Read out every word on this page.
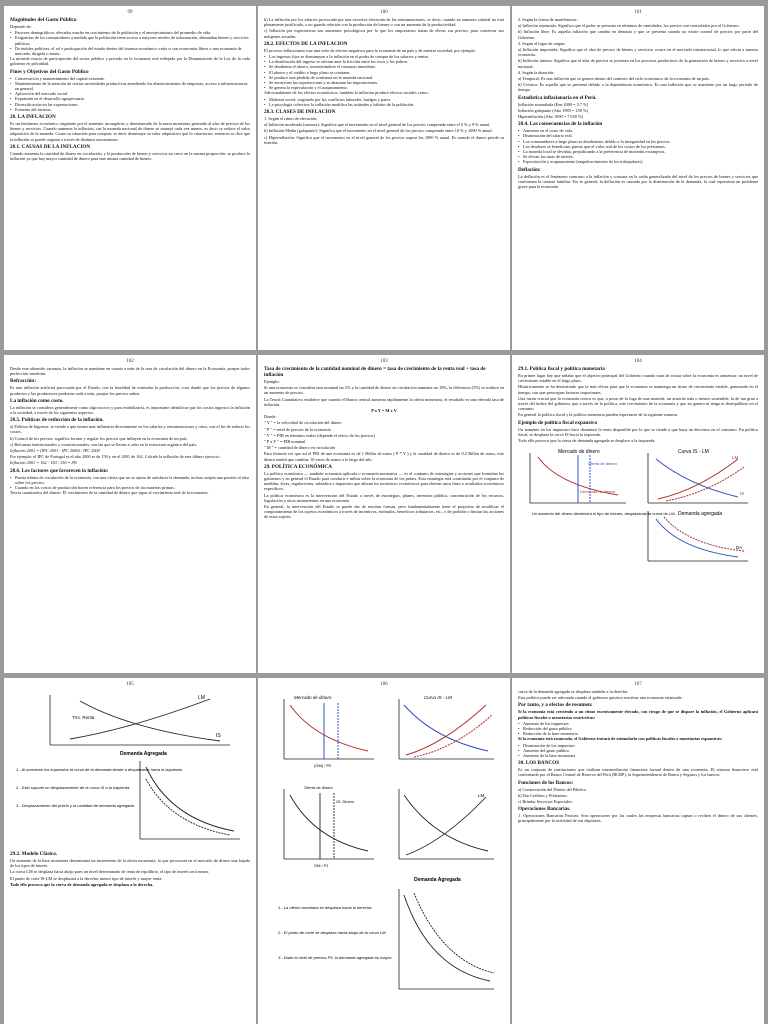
99
Magnitudes del Gasto Público
Depende de:
• Factores demográficos: elevados mucho en crecimiento de la población y el envejecimiento del promedio de vida.
• Exigencias de los consumidores a medida que la población tiene acceso a mayores niveles de información, demandan bienes y servicios públicos.
• De índoles políticas: el rol e participación del estado dentro del sistema económico varía si son economías libres o una economía de mercado, dirigida o mixta.
La moneda exacta de participación del sector público y privado en la economía está reflejada por la Dinamización de la Ley de la cada gobierno en pelculdad.
Fines y Objetivos del Gasto Público
• Conservación y mantenimiento del capital existente.
• Mantenimiento de la atención de ciertas necesidades productivas atendiendo los abastecimientos de empresas, acceso a infraestructuras en general.
• Aplicación del mercado social.
• Expansión en el desarrollo agropecuario.
• Diversificación en las exportaciones.
• Fomento del turismo.
28. LA INFLACION
Es un fenómeno económico originado por el aumento incongénito y desmesurado de la masa monetaria generada al alza de precios de los bienes y servicios. Cuando aumenta la inflación, cae la moneda nacional de dinero se manejó cada vez menos, es decir se reduce el valor adquisitivo de la moneda. Como su situación para comprar, es decir disminuye su valor adquisitivo que lo caracteriza, entonces se dice que la inflación se puede originar a través de distintos mecanismos.
28.1. CAUSAS DE LA INFLACION
Cuando aumenta la cantidad de dinero en circulación, y la producción de bienes y servicios no crece en la misma proporción: se produce la inflación ya que hay mayor cantidad de dinero para una misma cantidad de bienes.
100
b) La inflación por los salarios provocada por una excesiva elevación de las remuneraciones, es decir, cuando en aumento salarial no está plenamente justificado, o no guarda relación con la producción de bienes o con un aumento de la productividad.
c) Inflación por expectativas son aumentos psicológicos por lo que los empresarios tratan de elevar sus precios, para conservar sus márgenes actuales.
28.2. EFECTOS DE LA INFLACION
El proceso inflacionario trae una serie de efectos negativos para la economía de un país y de nuestra sociedad, por ejemplo:
• Los ingresos fijos se disminuyen a la inflación en el poder de compra de los salarios y rentas.
• La distribución del ingreso se afectan ante la fricción entre los ricos y los pobres.
• Se desalienta el ahorro, incentivándose el consumo inmediato.
• El ahorro y el crédito a largo plazo se contraen.
• Se produce una pérdida de confianza en la moneda nacional.
• Se encarecen las exportaciones y se abaratan las importaciones.
• Se genera la especulación y el acaparamiento.
Adicionalmente de los efectos económicos, también la inflación produce efectos sociales como:
• Malestar social: originado por los conflictos laborales, huelgas y paros.
• La psicología colectiva: la inflación modifica las actitudes y hábitos de la población.
28.3. CLASES DE INFLACION
1. Según el ritmo de elevación:
a) Inflación moderada (rastrera): Significa que el incremento en el nivel general de los precios comprende entre el 0 % y 9 % anual.
b) Inflación Media (galopante): Significa que el incremento en el nivel general de los precios comprende entre 10 % y 1000 % anual.
c) Hiperinflación: Significa que el incremento en el nivel general de los precios supera los 1000 % anual. Es cuando el dinero pierde su función.
101
2. Según la forma de manifestarse:
a) Inflación reprimida: Significa que el poder se presenta en términos de cantidades, los precios son controlados por el Gobierno.
b) Inflación libre: Es aquella inflación que cambia en demasía y que se presenta cuando no existe control de precios por parte del Gobierno.
3. Según el lugar de origen:
a) Inflación importada: Significa que el alza de precios de bienes y servicios ocurre en el mercado internacional, lo que afecta a nuestra economía.
b) Inflación interna: Significa que el alza de precios se presenta en los procesos productivos de la generación de bienes y servicios a nivel nacional.
4. Según la duración:
a) Temporal: Es una inflación que se genera dentro del contexto del ciclo económico de la economía de un país.
b) Crónica: Es aquella que se presenta debido a la dependencia económica. Es una inflación que se mantiene por un largo periodo de tiempo.
Estadística inflacionaria en el Perú.
Inflación acumulada (Ene 2009 = 3.7 %)
Inflación galopante (Año 1985 = 158 %)
Hiperinflación (Año 1990 = 7 650 %)
28.4. Las consecuencias de la inflación
• Aumento en el costo de vida.
• Disminución del salario real.
• Los consumidores a largo plazo se desalientan, debido a la inseguridad en los precios.
• Los deudores se benefician, puesto que el valor real de los costos de los préstamos.
• La moneda local se devalúa, perjudicando a la preferencia de monedas extranjeras.
• Se elevan las tasas de interés.
• Especulación y acaparamiento (empobrecimiento de los trabajadores)
Deflación:
La deflación es el fenómeno contrario a la inflación y consiste en la caída generalizada del nivel de los precios de bienes y servicios que conforman la canasta familiar. Por lo general, la deflación es causada por la disminución de la demanda, lo cual representa un problema grave para la economía.
102
Desde este obtenido varianza, la inflación se mantiene en cuanto a más de la tasa de circulación del dinero en la Economía, porque todos perfección venderán.
Refracción:
Es una inflación artificial provocada por el Estado, con la finalidad de estimular la producción, cosa donde que los precios de algunos productos y las productores producen cada a más, porque los precios suben.
La inflación como costo.
La inflación se considera generalmente como algo nocivo y para estabilizarla, es importante identificar que los costos ingresos la inflación a la sociedad, a través de los siguientes aspectos:
28.5. Políticas de reducción de la inflación.
a) Política de Ingresos: se tiende a que tienen más influencia directamente en los salarios y remuneraciones y otros, con el fin de reducir los costos.
b) Control de los precios: significa formar y regular los precios que influyen en la economía de un país.
c) Reformas institucionales y constitucionales: son las que se llevan a cabo en la estructura orgánica del país.
Inflación 2001 = (IPC 2001 - IPC 2000) / IPC 2000
Por ejemplo: el IPC de Portugal es el año 2000 es de 150 y en el 2001 de 162. Calcule la inflación de este último ejercicio.
Inflación 2001 = 162 - 150 / 150 = 8%
28.6. Los factores que favorecen la inflación:
• Puesta última de circulación de la economía, con una oferta que no se ajusta de satisfacer la demanda, incluso acepta una presión al alza sobre los precios.
• Cuando en los costos de producción hacen referencia para los precios de las materias primas.
Teoría cuantitativa del dinero: El crecimiento de la cantidad de dinero que sigue al crecimiento real de la economía.
103
Tasa de crecimiento de la cantidad nominal de dinero = tasa de crecimiento de la renta real + tasa de inflación
Ejemplo:
Si una economía se considera tasa nominal un 5% y la cantidad de dinero en circulación aumenta un 10%, la diferencia (5%) se traduce en un aumento de precios.
La Teoría Cuantitativa establece que cuando el Banco central aumenta rápidamente la oferta monetaria, el resultado es una elevada tasa de inflación.
P x Y = M x V
Donde:
" Y " = la velocidad de circulación del dinero
" P " = nivel de precios de la economía
" Y " = PIB en términos reales (depende el efecto de los precios)
" P x Y " = PIB nominal
" M " = cantidad de dinero en circulación
Para fórmula ver que así el PBI de una economía es de 1 Billón de euros ( P * Y ) y la cantidad de dinero es de 0,2 Billón de euros, este dinero tendrá que cambiar 10 veces de mano a lo largo del año.
29. POLÍTICA ECONÓMICA
La política económica — también economía aplicada o economía normativa — es el conjunto de estrategias y acciones que formulan los gobiernos y en general el Estado para conducir e influir sobre la economía de los países. Esta estrategia está constituida por el conjunto de medidas, leyes, regulaciones, subsidios e impuestos que alteran los incentivos económicos para obtener unos fines o resultados económicos específicos.
La política económica es la intervención del Estado a través de estrategias, planes, inversión pública, concentración de los recursos, legislación y otros instrumentos en una economía.
En general, la intervención del Estado se puede dar de muchas formas, pero fundamentalmente tiene el propósito de modificar el comportamiento de los sujetos económicos a través de incentivos, estímulos, beneficios tributarios, etc., o de prohibir o limitar las acciones de estos sujetos.
104
29.1. Política fiscal y política monetaria
En primer lugar hay que señalar que el objetivo principal del Gobierno cuando trata de actuar sobre la economía es aumentar: un nivel de crecimiento estable en el largo plazo.
Históricamente se ha demostrado que la más eficaz para que la economía se mantenga un ritmo de crecimiento estable, generando en el tiempo, con que preocupan factores importantes.
Una razón crucial que la economía crezca es que, a pesar de la fuga de una moneda, un acuerdo más o menos sostenible, la de tan gran a través del índice del gobierno, que a través de la política, este crecimiento de la economía y que no genera ni tenga ni desequilibrio en el consumo.
En general la política fiscal y la política monetaria pueden expresarse de la siguiente manera:
Ejemplo de política fiscal expansiva
Un aumento en los impuestos hace disminuir la renta disponible por lo que se tiende a que haya un descenso en el consumo. En política fiscal, se desplaza la curva IS hacia la izquierda.
Todo ello provoca que la curva de demanda agregada se desplace a la izquierda.
Mercado de dinero
Oferta de dinero
Demanda de dinero
Curva IS - LM
IS
LM
Demanda agregada
DA
Un aumento del dinero disminuirá el tipo de interés, desplazando la curva de LM.
105
LM
Trm. Renta
IS
Demanda Agregada
1.- Al aumentar los impuestos la curva de la demanda tiende a desplazarse hacia la izquierda.
2.- Esto supone un desplazamiento de la curva IS a la izquierda.
3.- Desplazamiento del precio y la cantidad de demanda agregada.
29.2. Modelo Clásico.
Un aumento de la base monetaria determinará un incremento de la oferta monetaria, lo que provocará en el mercado de dinero una bajada de los tipos de interés.
La curva LM se desplaza hacia abajo pues un nivel determinado de renta de equilibrio, el tipo de interés será menor.
El punto de corte IS-LM se desplazará a la derecha: menor tipo de interés y mayor renta.
Todo ello provoca que la curva de demanda agregada se desplaza a la derecha.
106
Mercado de dinero
(OM) / P0
Curva IS - LM
Oferta de dinero
Of. Dinero
OM / P1
LM
Demanda Agregada
1.- La oferta monetaria se desplaza hacia la derecha.
2.- El punto de corte se desplaza hacia abajo de la curva LM.
3.- Dado el nivel de precios P0, la demanda agregada es mayor.
107
curva de la demanda agregada se desplaza también a la derecha.
Esta política puede ser adecuada cuando el gobierno quisiera reactivar una economía estancada.
Por tanto, y a efectos de resumen:
Si la economía está creciendo a un ritmo excesivamente elevado, con riesgo de que se dispare la inflación, el Gobierno aplicará políticas fiscales o monetarias restrictivas:
• Aumento de los impuestos
• Reducción del gasto público
• Reducción de la base monetaria
Si la economía está estancada, el Gobierno tratará de estimularla con políticas fiscales o monetarias expansivas:
• Disminución de los impuestos
• Aumento del gasto público
• Aumento de la base monetaria
30. LOS BANCOS
Es un conjunto de instituciones que realizan intermediación financiera formal dentro de una economía. El sistema financiero está conformado por el Banco Central de Reserva del Perú (BCRP), la Superintendencia de Banca y Seguros y los bancos.
Funciones de los Bancos:
a) Conservación del Dinero del Público.
b) Dar Créditos y Préstamos.
c) Brindar Servicios Especiales.
Operaciones Bancarias.
1. Operaciones Bancarias Pasivas: Son operaciones por las cuales las empresas bancarias captan o reciben el dinero de sus clientes, principalmente por la actividad de sus depósitos.
